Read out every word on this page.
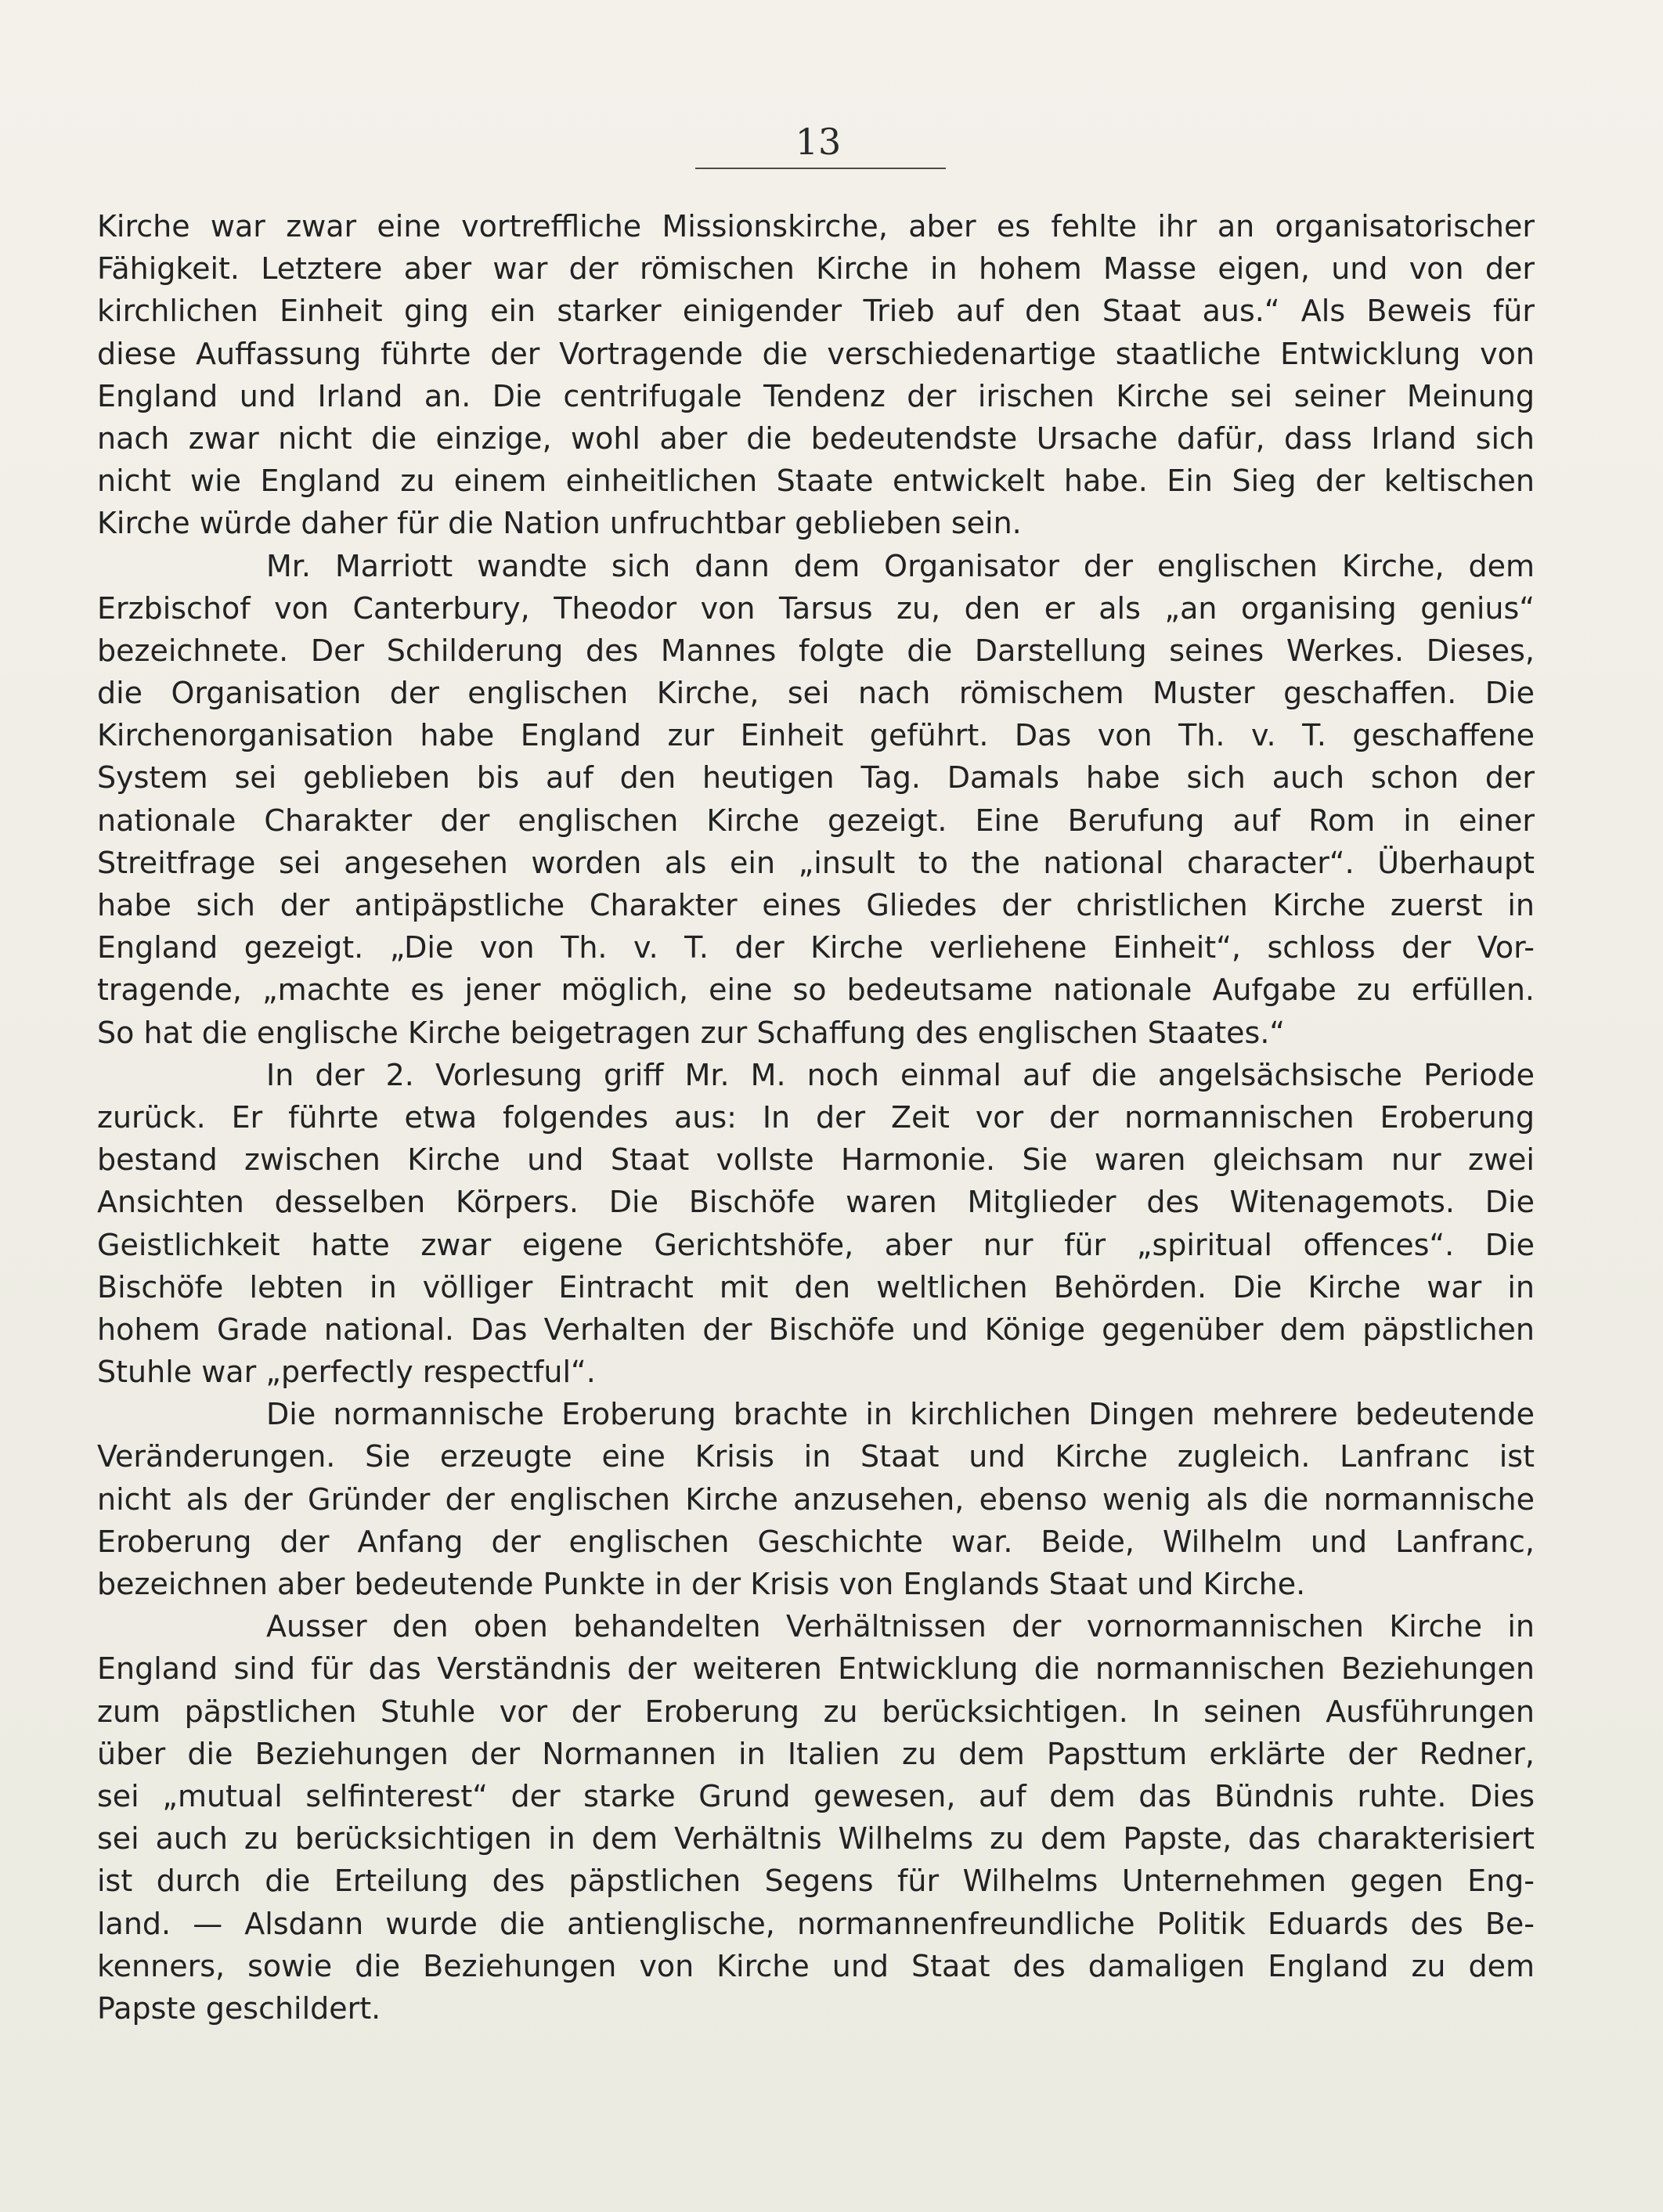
13
Kirche war zwar eine vortreffliche Missionskirche, aber es fehlte ihr an organisatorischer
Fähigkeit. Letztere aber war der römischen Kirche in hohem Masse eigen, und von der
kirchlichen Einheit ging ein starker einigender Trieb auf den Staat aus.“ Als Beweis für
diese Auffassung führte der Vortragende die verschiedenartige staatliche Entwicklung von
England und Irland an. Die centrifugale Tendenz der irischen Kirche sei seiner Meinung
nach zwar nicht die einzige, wohl aber die bedeutendste Ursache dafür, dass Irland sich
nicht wie England zu einem einheitlichen Staate entwickelt habe. Ein Sieg der keltischen
Kirche würde daher für die Nation unfruchtbar geblieben sein.
Mr. Marriott wandte sich dann dem Organisator der englischen Kirche, dem
Erzbischof von Canterbury, Theodor von Tarsus zu, den er als „an organising genius“
bezeichnete. Der Schilderung des Mannes folgte die Darstellung seines Werkes. Dieses,
die Organisation der englischen Kirche, sei nach römischem Muster geschaffen. Die
Kirchenorganisation habe England zur Einheit geführt. Das von Th. v. T. geschaffene
System sei geblieben bis auf den heutigen Tag. Damals habe sich auch schon der
nationale Charakter der englischen Kirche gezeigt. Eine Berufung auf Rom in einer
Streitfrage sei angesehen worden als ein „insult to the national character“. Überhaupt
habe sich der antipäpstliche Charakter eines Gliedes der christlichen Kirche zuerst in
England gezeigt. „Die von Th. v. T. der Kirche verliehene Einheit“, schloss der Vor-
tragende, „machte es jener möglich, eine so bedeutsame nationale Aufgabe zu erfüllen.
So hat die englische Kirche beigetragen zur Schaffung des englischen Staates.“
In der 2. Vorlesung griff Mr. M. noch einmal auf die angelsächsische Periode
zurück. Er führte etwa folgendes aus: In der Zeit vor der normannischen Eroberung
bestand zwischen Kirche und Staat vollste Harmonie. Sie waren gleichsam nur zwei
Ansichten desselben Körpers. Die Bischöfe waren Mitglieder des Witenagemots. Die
Geistlichkeit hatte zwar eigene Gerichtshöfe, aber nur für „spiritual offences“. Die
Bischöfe lebten in völliger Eintracht mit den weltlichen Behörden. Die Kirche war in
hohem Grade national. Das Verhalten der Bischöfe und Könige gegenüber dem päpstlichen
Stuhle war „perfectly respectful“.
Die normannische Eroberung brachte in kirchlichen Dingen mehrere bedeutende
Veränderungen. Sie erzeugte eine Krisis in Staat und Kirche zugleich. Lanfranc ist
nicht als der Gründer der englischen Kirche anzusehen, ebenso wenig als die normannische
Eroberung der Anfang der englischen Geschichte war. Beide, Wilhelm und Lanfranc,
bezeichnen aber bedeutende Punkte in der Krisis von Englands Staat und Kirche.
Ausser den oben behandelten Verhältnissen der vornormannischen Kirche in
England sind für das Verständnis der weiteren Entwicklung die normannischen Beziehungen
zum päpstlichen Stuhle vor der Eroberung zu berücksichtigen. In seinen Ausführungen
über die Beziehungen der Normannen in Italien zu dem Papsttum erklärte der Redner,
sei „mutual selfinterest“ der starke Grund gewesen, auf dem das Bündnis ruhte. Dies
sei auch zu berücksichtigen in dem Verhältnis Wilhelms zu dem Papste, das charakterisiert
ist durch die Erteilung des päpstlichen Segens für Wilhelms Unternehmen gegen Eng-
land. — Alsdann wurde die antienglische, normannenfreundliche Politik Eduards des Be-
kenners, sowie die Beziehungen von Kirche und Staat des damaligen England zu dem
Papste geschildert.
